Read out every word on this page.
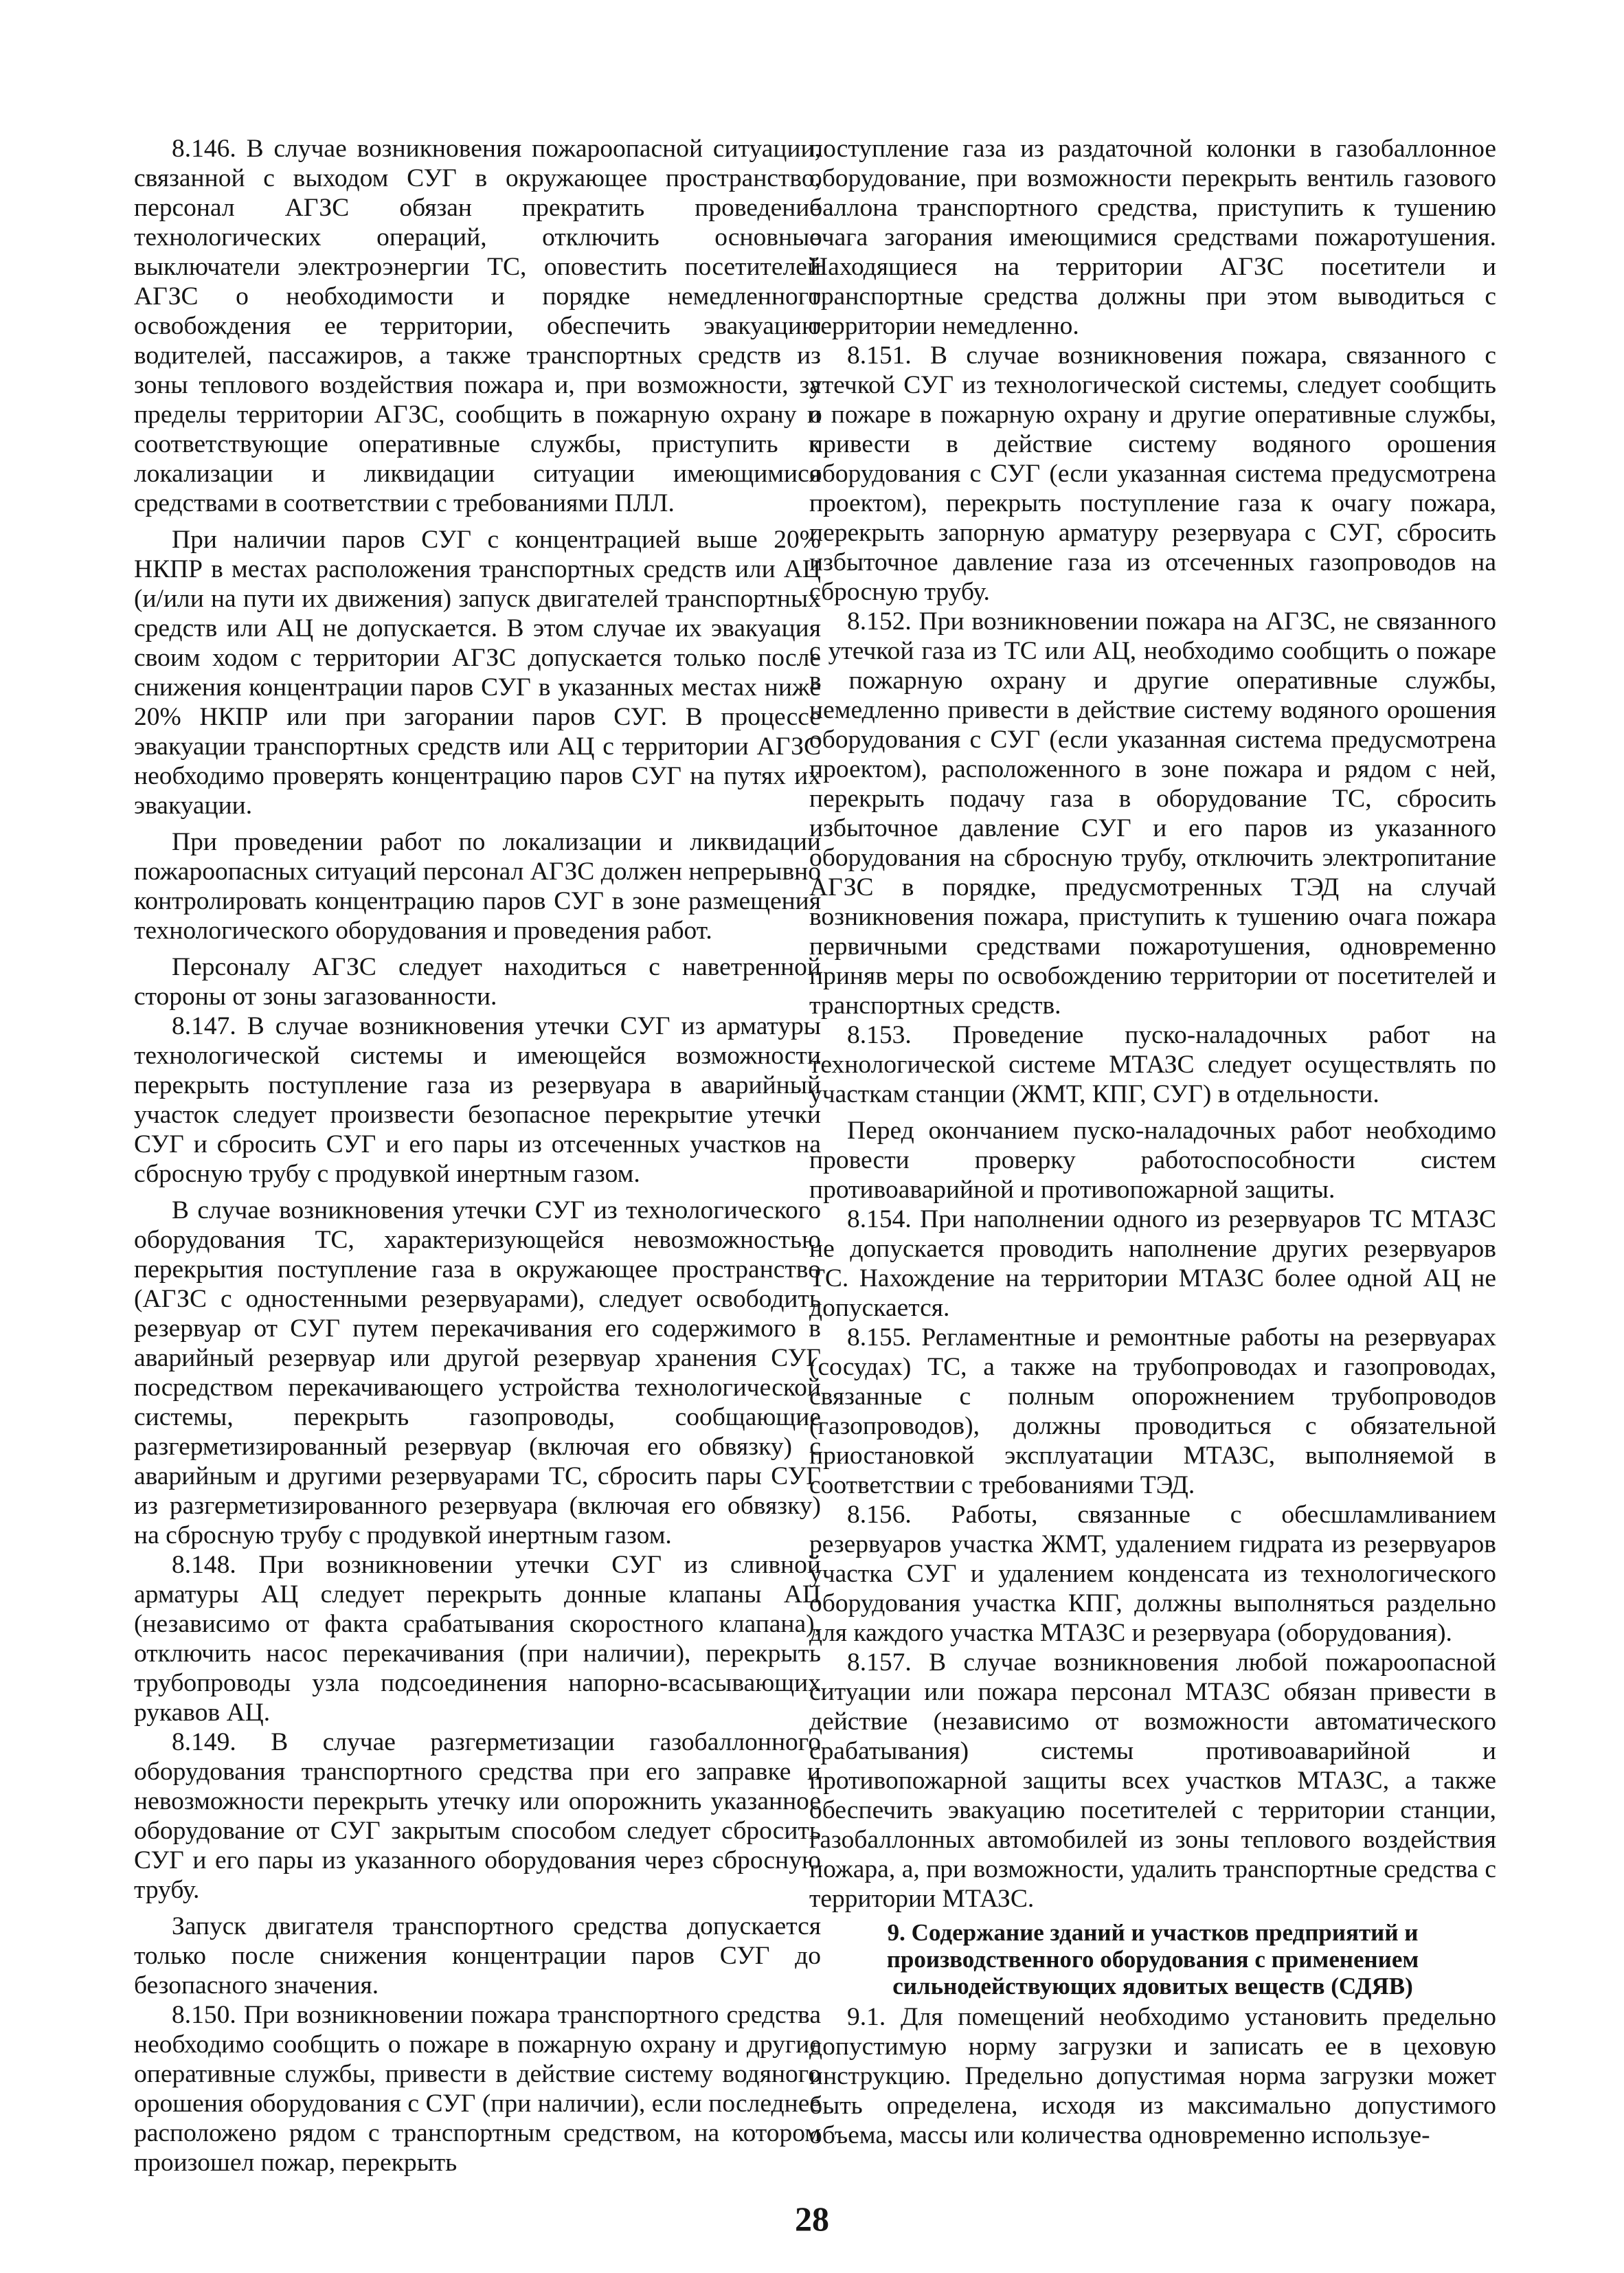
8.146. В случае возникновения пожароопасной ситуации, связанной с выходом СУГ в окружающее пространство, персонал АГЗС обязан прекратить проведение технологических операций, отключить основные выключатели электроэнергии ТС, оповестить посетителей АГЗС о необходимости и порядке немедленного освобождения ее территории, обеспечить эвакуацию водителей, пассажиров, а также транспортных средств из зоны теплового воздействия пожара и, при возможности, за пределы территории АГЗС, сообщить в пожарную охрану и соответствующие оперативные службы, приступить к локализации и ликвидации ситуации имеющимися средствами в соответствии с требованиями ПЛЛ.

При наличии паров СУГ с концентрацией выше 20% НКПР в местах расположения транспортных средств или АЦ (и/или на пути их движения) запуск двигателей транспортных средств или АЦ не допускается. В этом случае их эвакуация своим ходом с территории АГЗС допускается только после снижения концентрации паров СУГ в указанных местах ниже 20% НКПР или при загорании паров СУГ. В процессе эвакуации транспортных средств или АЦ с территории АГЗС необходимо проверять концентрацию паров СУГ на путях их эвакуации.

При проведении работ по локализации и ликвидации пожароопасных ситуаций персонал АГЗС должен непрерывно контролировать концентрацию паров СУГ в зоне размещения технологического оборудования и проведения работ.

Персоналу АГЗС следует находиться с наветренной стороны от зоны загазованности.

8.147. В случае возникновения утечки СУГ из арматуры технологической системы и имеющейся возможности перекрыть поступление газа из резервуара в аварийный участок следует произвести безопасное перекрытие утечки СУГ и сбросить СУГ и его пары из отсеченных участков на сбросную трубу с продувкой инертным газом.

В случае возникновения утечки СУГ из технологического оборудования ТС, характеризующейся невозможностью перекрытия поступление газа в окружающее пространство (АГЗС с одностенными резервуарами), следует освободить резервуар от СУГ путем перекачивания его содержимого в аварийный резервуар или другой резервуар хранения СУГ посредством перекачивающего устройства технологической системы, перекрыть газопроводы, сообщающие разгерметизированный резервуар (включая его обвязку) с аварийным и другими резервуарами ТС, сбросить пары СУГ из разгерметизированного резервуара (включая его обвязку) на сбросную трубу с продувкой инертным газом.

8.148. При возникновении утечки СУГ из сливной арматуры АЦ следует перекрыть донные клапаны АЦ (независимо от факта срабатывания скоростного клапана), отключить насос перекачивания (при наличии), перекрыть трубопроводы узла подсоединения напорно-всасывающих рукавов АЦ.

8.149. В случае разгерметизации газобаллонного оборудования транспортного средства при его заправке и невозможности перекрыть утечку или опорожнить указанное оборудование от СУГ закрытым способом следует сбросить СУГ и его пары из указанного оборудования через сбросную трубу.

Запуск двигателя транспортного средства допускается только после снижения концентрации паров СУГ до безопасного значения.

8.150. При возникновении пожара транспортного средства необходимо сообщить о пожаре в пожарную охрану и другие оперативные службы, привести в действие систему водяного орошения оборудования с СУГ (при наличии), если последнее расположено рядом с транспортным средством, на котором произошел пожар, перекрыть

поступление газа из раздаточной колонки в газобаллонное оборудование, при возможности перекрыть вентиль газового баллона транспортного средства, приступить к тушению очага загорания имеющимися средствами пожаротушения. Находящиеся на территории АГЗС посетители и транспортные средства должны при этом выводиться с территории немедленно.

8.151. В случае возникновения пожара, связанного с утечкой СУГ из технологической системы, следует сообщить о пожаре в пожарную охрану и другие оперативные службы, привести в действие систему водяного орошения оборудования с СУГ (если указанная система предусмотрена проектом), перекрыть поступление газа к очагу пожара, перекрыть запорную арматуру резервуара с СУГ, сбросить избыточное давление газа из отсеченных газопроводов на сбросную трубу.

8.152. При возникновении пожара на АГЗС, не связанного с утечкой газа из ТС или АЦ, необходимо сообщить о пожаре в пожарную охрану и другие оперативные службы, немедленно привести в действие систему водяного орошения оборудования с СУГ (если указанная система предусмотрена проектом), расположенного в зоне пожара и рядом с ней, перекрыть подачу газа в оборудование ТС, сбросить избыточное давление СУГ и его паров из указанного оборудования на сбросную трубу, отключить электропитание АГЗС в порядке, предусмотренных ТЭД на случай возникновения пожара, приступить к тушению очага пожара первичными средствами пожаротушения, одновременно приняв меры по освобождению территории от посетителей и транспортных средств.

8.153. Проведение пуско-наладочных работ на технологической системе МТАЗС следует осуществлять по участкам станции (ЖМТ, КПГ, СУГ) в отдельности.

Перед окончанием пуско-наладочных работ необходимо провести проверку работоспособности систем противоаварийной и противопожарной защиты.

8.154. При наполнении одного из резервуаров ТС МТАЗС не допускается проводить наполнение других резервуаров ТС. Нахождение на территории МТАЗС более одной АЦ не допускается.

8.155. Регламентные и ремонтные работы на резервуарах (сосудах) ТС, а также на трубопроводах и газопроводах, связанные с полным опорожнением трубопроводов (газопроводов), должны проводиться с обязательной приостановкой эксплуатации МТАЗС, выполняемой в соответствии с требованиями ТЭД.

8.156. Работы, связанные с обесшламливанием резервуаров участка ЖМТ, удалением гидрата из резервуаров участка СУГ и удалением конденсата из технологического оборудования участка КПГ, должны выполняться раздельно для каждого участка МТАЗС и резервуара (оборудования).

8.157. В случае возникновения любой пожароопасной ситуации или пожара персонал МТАЗС обязан привести в действие (независимо от возможности автоматического срабатывания) системы противоаварийной и противопожарной защиты всех участков МТАЗС, а также обеспечить эвакуацию посетителей с территории станции, газобаллонных автомобилей из зоны теплового воздействия пожара, а, при возможности, удалить транспортные средства с территории МТАЗС.

9. Содержание зданий и участков предприятий и производственного оборудования с применением сильнодействующих ядовитых веществ (СДЯВ)

9.1. Для помещений необходимо установить предельно допустимую норму загрузки и записать ее в цеховую инструкцию. Предельно допустимая норма загрузки может быть определена, исходя из максимально допустимого объема, массы или количества одновременно используе-

28
